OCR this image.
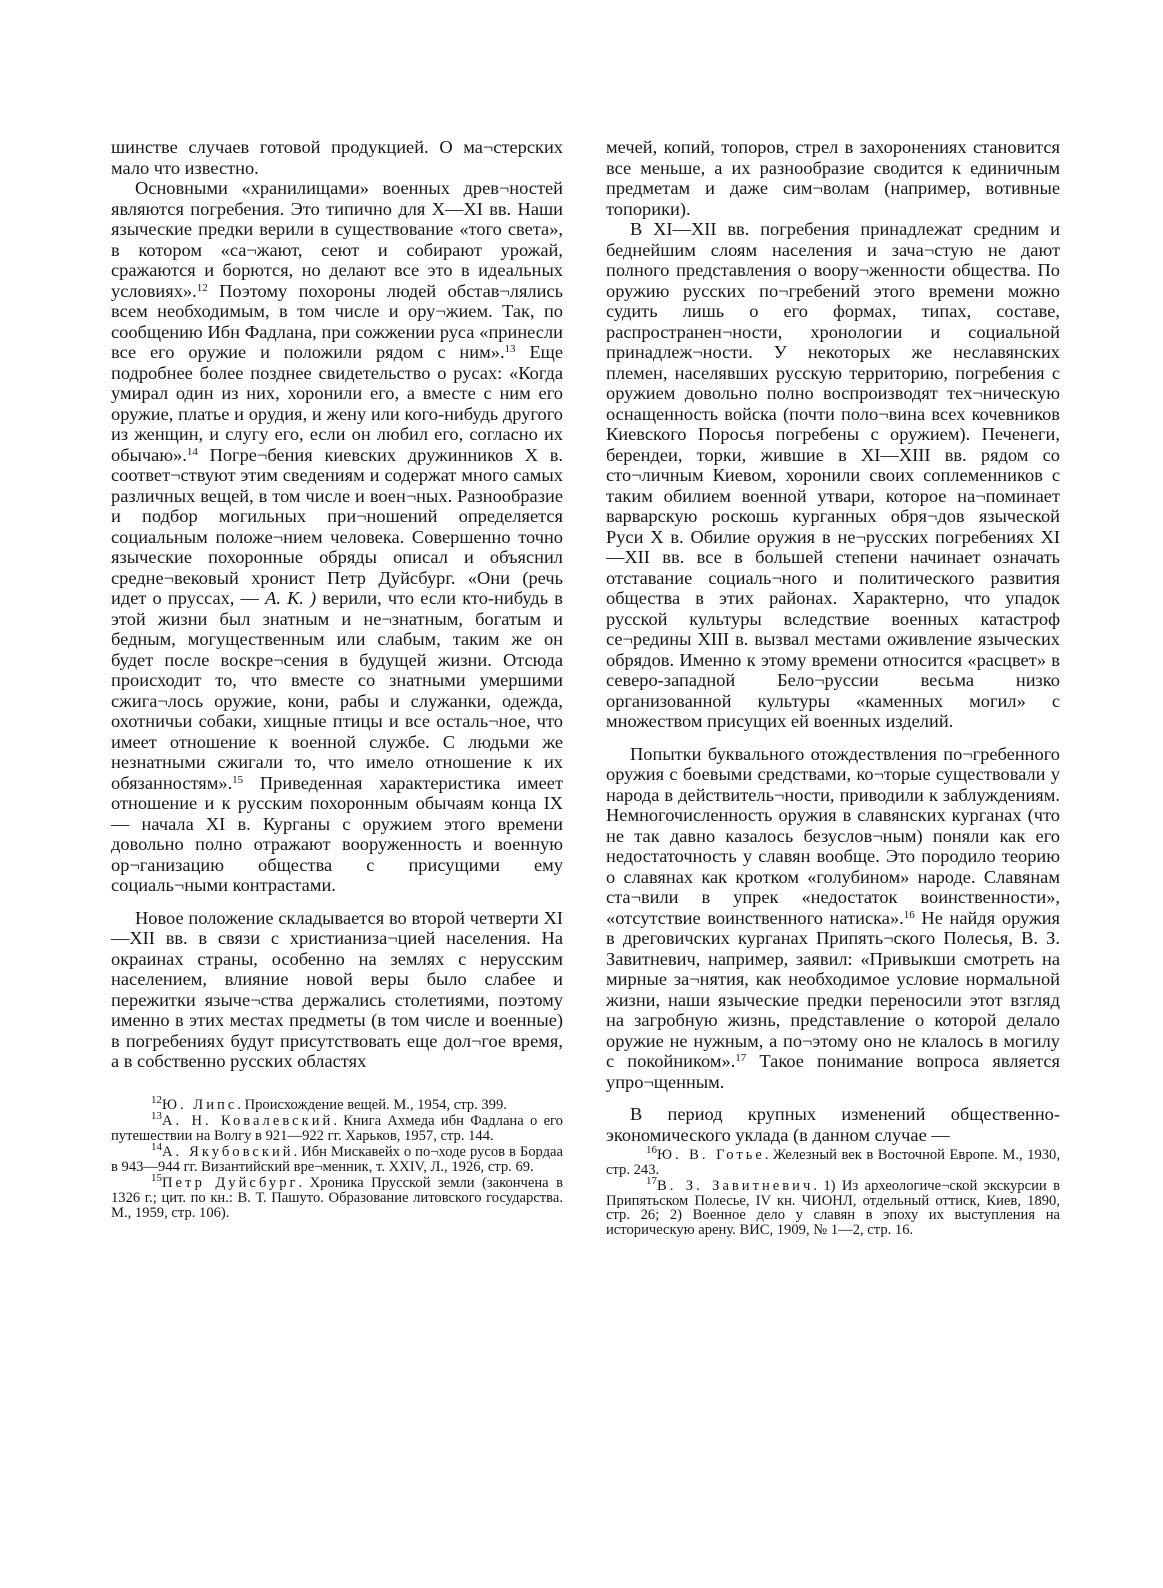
шинстве случаев готовой продукцией. О ма¬стерских мало что известно.

Основными «хранилищами» военных древ¬ностей являются погребения. Это типично для X—XI вв. Наши языческие предки верили в существование «того света», в котором «са¬жают, сеют и собирают урожай, сражаются и борются, но делают все это в идеальных условиях».$^{12}$ Поэтому похороны людей обстав¬лялись всем необходимым, в том числе и ору¬жием. Так, по сообщению Ибн Фадлана, при сожжении руса «принесли все его оружие и положили рядом с ним».$^{13}$ Еще подробнее более позднее свидетельство о русах: «Когда умирал один из них, хоронили его, а вместе с ним его оружие, платье и орудия, и жену или кого-нибудь другого из женщин, и слугу его, если он любил его, согласно их обычаю».$^{14}$ Погре¬бения киевских дружинников X в. соответ¬ствуют этим сведениям и содержат много самых различных вещей, в том числе и воен¬ных. Разнообразие и подбор могильных при¬ношений определяется социальным положе¬нием человека. Совершенно точно языческие похоронные обряды описал и объяснил средне¬вековый хронист Петр Дуйсбург. «Они (речь идет о пруссах, — А. К. ) верили, что если кто-нибудь в этой жизни был знатным и не¬знатным, богатым и бедным, могущественным или слабым, таким же он будет после воскре¬сения в будущей жизни. Отсюда происходит то, что вместе со знатными умершими сжига¬лось оружие, кони, рабы и служанки, одежда, охотничьи собаки, хищные птицы и все осталь¬ное, что имеет отношение к военной службе. С людьми же незнатными сжигали то, что имело отношение к их обязанностям».$^{15}$ Приведенная характеристика имеет отношение и к русским похоронным обычаям конца IX — начала XI в. Курганы с оружием этого времени довольно полно отражают вооруженность и военную ор¬ганизацию общества с присущими ему социаль¬ными контрастами.

Новое положение складывается во второй четверти XI—XII вв. в связи с христианиза¬цией населения. На окраинах страны, особенно на землях с нерусским населением, влияние новой веры было слабее и пережитки языче¬ства держались столетиями, поэтому именно в этих местах предметы (в том числе и военные) в погребениях будут присутствовать еще дол¬гое время, а в собственно русских областях

$^{12}$Ю. Липс. Происхождение вещей. М., 1954, стр. 399.

$^{13}$А. Н. Ковалевский. Книга Ахмеда ибн Фадлана о его путешествии на Волгу в 921—922 гг. Харьков, 1957, стр. 144.

$^{14}$А. Якубовский. Ибн Мискавейх о по¬ходе русов в Бордаа в 943—944 гг. Византийский вре¬менник, т. XXIV, Л., 1926, стр. 69.

$^{15}$Петр Дуйсбург. Хроника Прусской земли (закончена в 1326 г.; цит. по кн.: В. Т. Пашуто. Образование литовского государства. М., 1959, стр. 106).

мечей, копий, топоров, стрел в захоронениях становится все меньше, а их разнообразие сводится к единичным предметам и даже сим¬волам (например, вотивные топорики).

В XI—XII вв. погребения принадлежат средним и беднейшим слоям населения и зача¬стую не дают полного представления о воору¬женности общества. По оружию русских по¬гребений этого времени можно судить лишь о его формах, типах, составе, распространен¬ности, хронологии и социальной принадлеж¬ности. У некоторых же неславянских племен, населявших русскую территорию, погребения с оружием довольно полно воспроизводят тех¬ническую оснащенность войска (почти поло¬вина всех кочевников Киевского Поросья погребены с оружием). Печенеги, берендеи, торки, жившие в XI—XIII вв. рядом со сто¬личным Киевом, хоронили своих соплеменников с таким обилием военной утвари, которое на¬поминает варварскую роскошь курганных обря¬дов языческой Руси X в. Обилие оружия в не¬русских погребениях XI—XII вв. все в большей степени начинает означать отставание социаль¬ного и политического развития общества в этих районах. Характерно, что упадок русской культуры вследствие военных катастроф се¬редины XIII в. вызвал местами оживление языческих обрядов. Именно к этому времени относится «расцвет» в северо-западной Бело¬руссии весьма низко организованной культуры «каменных могил» с множеством присущих ей военных изделий.

Попытки буквального отождествления по¬гребенного оружия с боевыми средствами, ко¬торые существовали у народа в действитель¬ности, приводили к заблуждениям. Немногочисленность оружия в славянских курганах (что не так давно казалось безуслов¬ным) поняли как его недостаточность у славян вообще. Это породило теорию о славянах как кротком «голубином» народе. Славянам ста¬вили в упрек «недостаток воинственности», «отсутствие воинственного натиска».$^{16}$ Не найдя оружия в дреговичских курганах Припять¬ского Полесья, В. З. Завитневич, например, заявил: «Привыкши смотреть на мирные за¬нятия, как необходимое условие нормальной жизни, наши языческие предки переносили этот взгляд на загробную жизнь, представление о которой делало оружие не нужным, а по¬этому оно не клалось в могилу с покойником».$^{17}$ Такое понимание вопроса является упро¬щенным.

В период крупных изменений общественно-экономического уклада (в данном случае —

$^{16}$Ю. В. Готье. Железный век в Восточной Европе. М., 1930, стр. 243.

$^{17}$В. З. Завитневич. 1) Из археологиче¬ской экскурсии в Припятьском Полесье, IV кн. ЧИОНЛ, отдельный оттиск, Киев, 1890, стр. 26; 2) Военное дело у славян в эпоху их выступления на историческую арену. ВИС, 1909, № 1—2, стр. 16.
